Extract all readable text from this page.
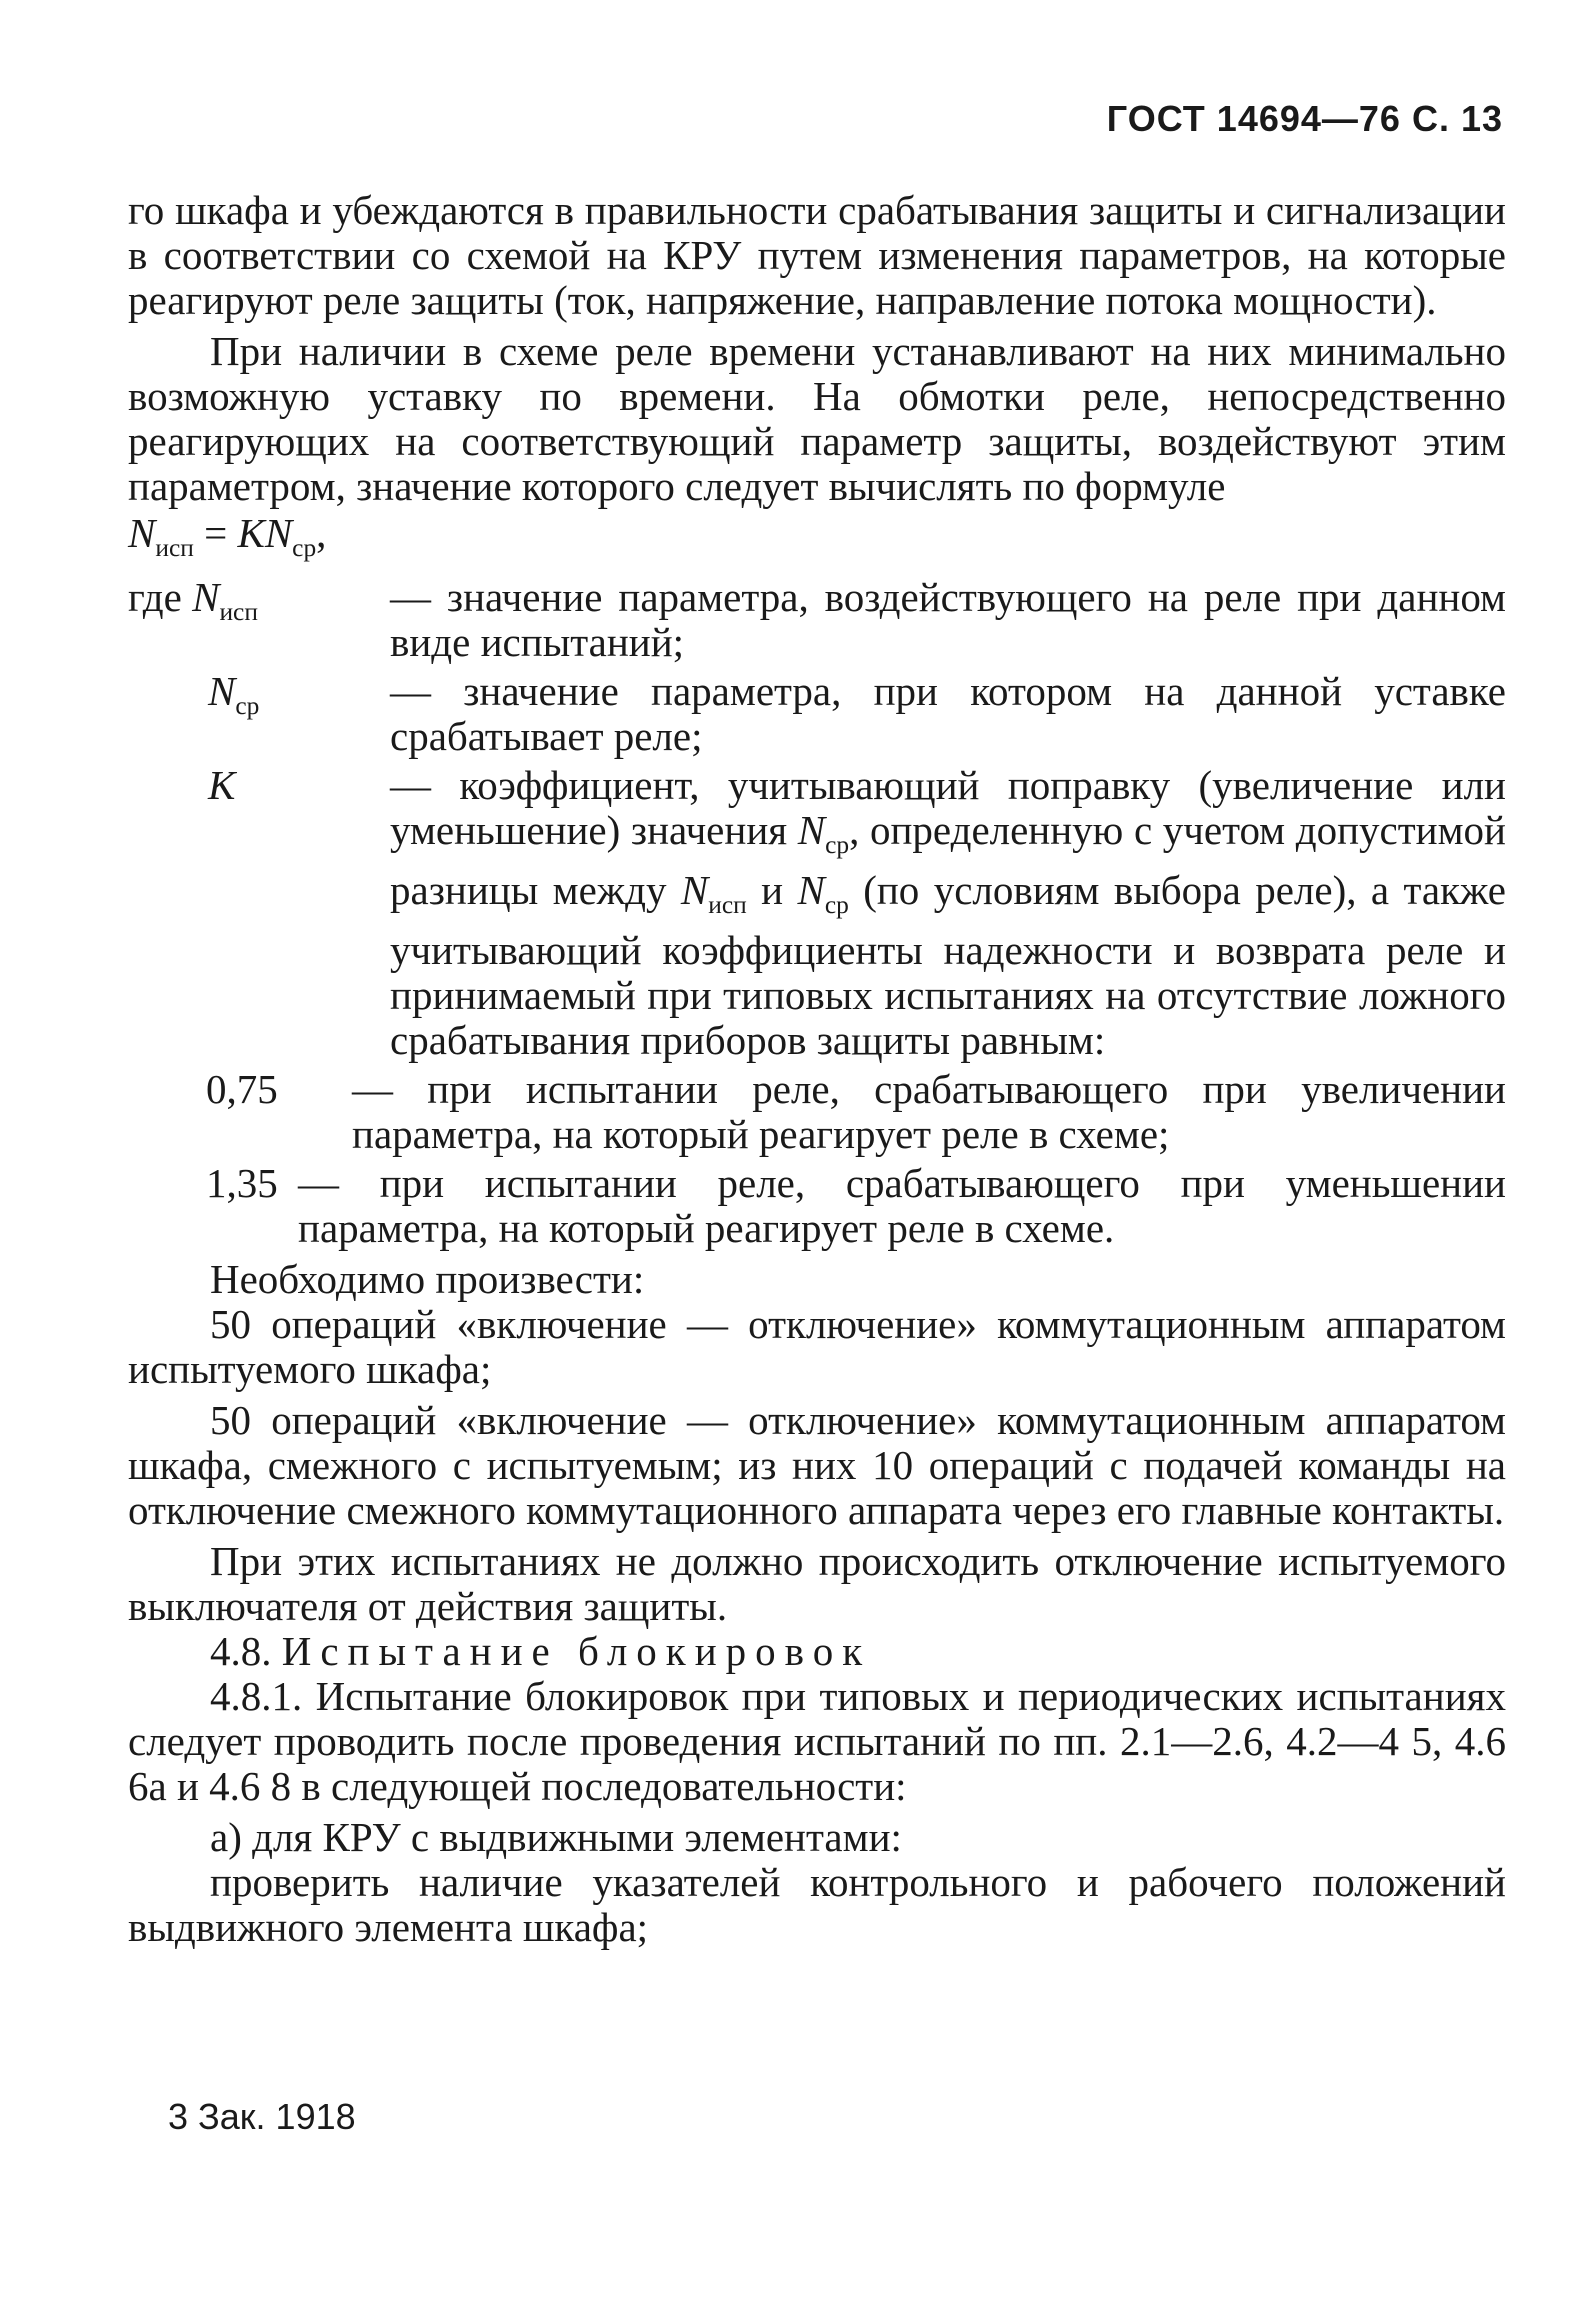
ГОСТ 14694—76 С. 13

го шкафа и убеждаются в правильности срабатывания защиты и сигнализации в соответствии со схемой на КРУ путем изменения параметров, на которые реагируют реле защиты (ток, напряжение, направление потока мощности).

При наличии в схеме реле времени устанавливают на них минимально возможную уставку по времени. На обмотки реле, непосредственно реагирующих на соответствующий параметр защиты, воздействуют этим параметром, значение которого следует вычислять по формуле

$N_{исп} = KN_{ср}$,

где $N_{исп}$	— значение параметра, воздействующего на реле при данном виде испытаний;

$N_{ср}$	— значение параметра, при котором на данной уставке срабатывает реле;

K	— коэффициент, учитывающий поправку (увеличение или уменьшение) значения $N_{ср}$, определенную с учетом допустимой разницы между $N_{исп}$ и $N_{ср}$ (по условиям выбора реле), а также учитывающий коэффициенты надежности и возврата реле и принимаемый при типовых испытаниях на отсутствие ложного срабатывания приборов защиты равным:

0,75	— при испытании реле, срабатывающего при увеличении параметра, на который реагирует реле в схеме;

1,35 — при испытании реле, срабатывающего при уменьшении параметра, на который реагирует реле в схеме.

Необходимо произвести:

50 операций «включение — отключение» коммутационным аппаратом испытуемого шкафа;

50 операций «включение — отключение» коммутационным аппаратом шкафа, смежного с испытуемым; из них 10 операций с подачей команды на отключение смежного коммутационного аппарата через его главные контакты.

При этих испытаниях не должно происходить отключение испытуемого выключателя от действия защиты.

4.8. Испытание блокировок

4.8.1. Испытание блокировок при типовых и периодических испытаниях следует проводить после проведения испытаний по пп. 2.1—2.6, 4.2—4 5, 4.6 6а и 4.6 8 в следующей последовательности:

а) для КРУ с выдвижными элементами:

проверить наличие указателей контрольного и рабочего положений выдвижного элемента шкафа;

3 Зак. 1918
